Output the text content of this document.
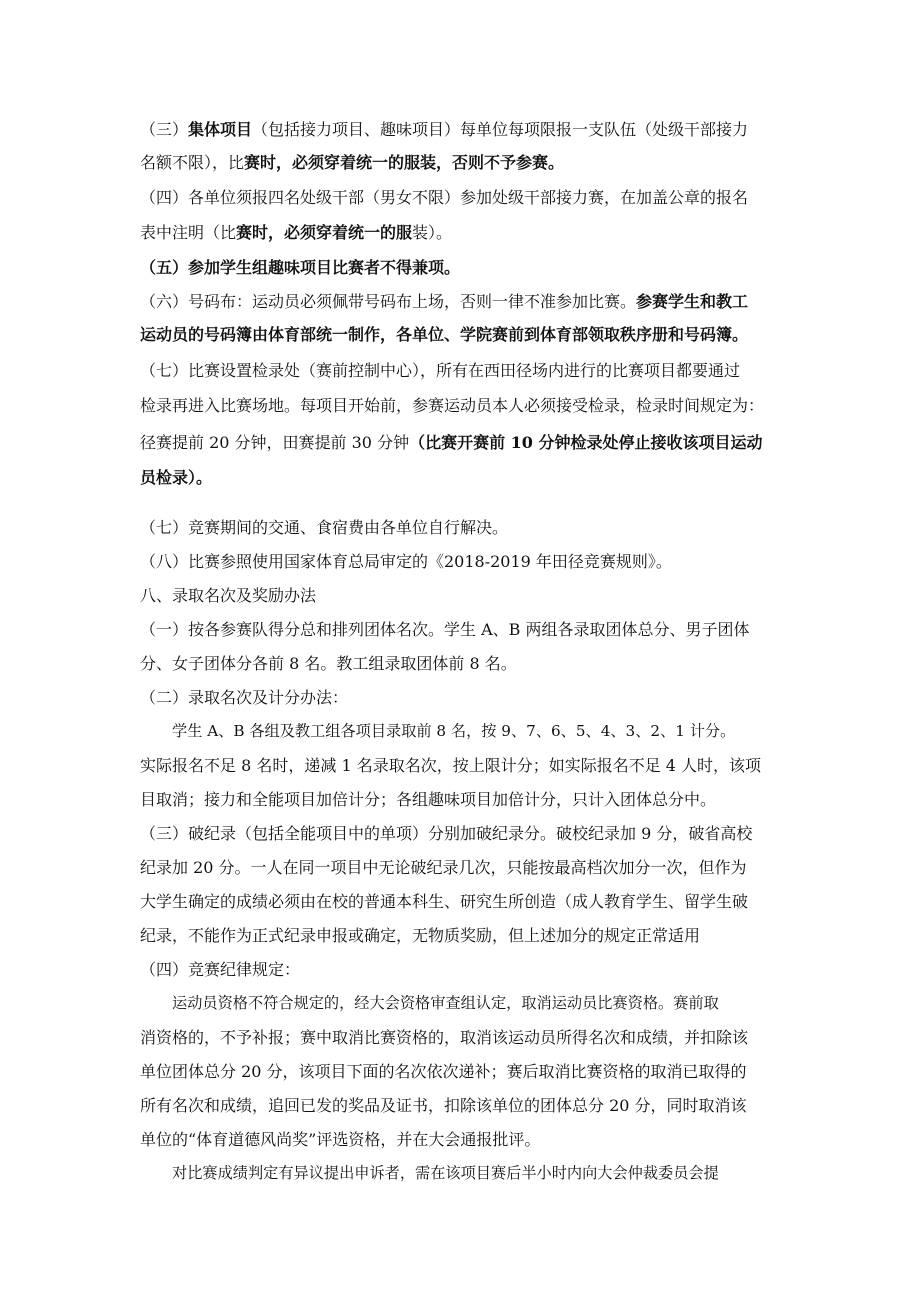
（三）集体项目（包括接力项目、趣味项目）每单位每项限报一支队伍（处级干部接力

名额不限），比赛时，必须穿着统一的服装，否则不予参赛。

（四）各单位须报四名处级干部（男女不限）参加处级干部接力赛，在加盖公章的报名

表中注明（比赛时，必须穿着统一的服装）。

（五）参加学生组趣味项目比赛者不得兼项。

（六）号码布：运动员必须佩带号码布上场，否则一律不准参加比赛。参赛学生和教工

运动员的号码簿由体育部统一制作，各单位、学院赛前到体育部领取秩序册和号码簿。

（七）比赛设置检录处（赛前控制中心），所有在西田径场内进行的比赛项目都要通过

检录再进入比赛场地。每项目开始前，参赛运动员本人必须接受检录，检录时间规定为：

径赛提前 20 分钟，田赛提前 30 分钟（比赛开赛前 10 分钟检录处停止接收该项目运动

员检录）。

（七）竞赛期间的交通、食宿费由各单位自行解决。

（八）比赛参照使用国家体育总局审定的《2018-2019 年田径竞赛规则》。

八、录取名次及奖励办法

（一）按各参赛队得分总和排列团体名次。学生 A、B 两组各录取团体总分、男子团体

分、女子团体分各前 8 名。教工组录取团体前 8 名。

（二）录取名次及计分办法：

学生 A、B 各组及教工组各项目录取前 8 名，按 9、7、6、5、4、3、2、1 计分。

实际报名不足 8 名时，递减 1 名录取名次，按上限计分；如实际报名不足 4 人时，该项

目取消；接力和全能项目加倍计分；各组趣味项目加倍计分，只计入团体总分中。

（三）破纪录（包括全能项目中的单项）分别加破纪录分。破校纪录加 9 分，破省高校

纪录加 20 分。一人在同一项目中无论破纪录几次，只能按最高档次加分一次，但作为

大学生确定的成绩必须由在校的普通本科生、研究生所创造（成人教育学生、留学生破

纪录，不能作为正式纪录申报或确定，无物质奖励，但上述加分的规定正常适用

（四）竞赛纪律规定：

运动员资格不符合规定的，经大会资格审查组认定，取消运动员比赛资格。赛前取

消资格的，不予补报；赛中取消比赛资格的，取消该运动员所得名次和成绩，并扣除该

单位团体总分 20 分，该项目下面的名次依次递补；赛后取消比赛资格的取消已取得的

所有名次和成绩，追回已发的奖品及证书，扣除该单位的团体总分 20 分，同时取消该

单位的“体育道德风尚奖”评选资格，并在大会通报批评。

对比赛成绩判定有异议提出申诉者，需在该项目赛后半小时内向大会仲裁委员会提
